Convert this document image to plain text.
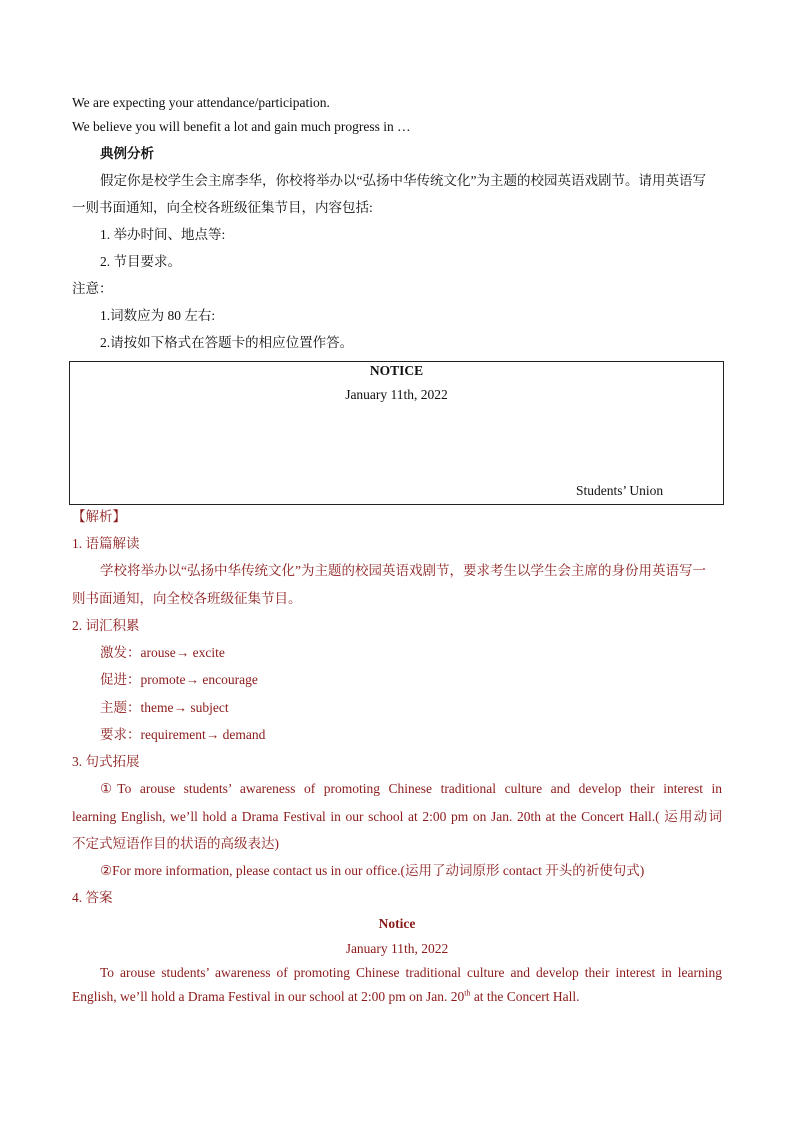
We are expecting your attendance/participation.
We believe you will benefit a lot and gain much progress in …
典例分析
假定你是校学生会主席李华，你校将举办以“弘扬中华传统文化”为主题的校园英语戏剧节。请用英语写
一则书面通知，向全校各班级征集节目，内容包括:
1. 举办时间、地点等:
2. 节目要求。
注意：
1.词数应为 80 左右:
2.请按如下格式在答题卡的相应位置作答。
NOTICE
January 11th, 2022
Students’ Union
【解析】
1. 语篇解读
学校将举办以“弘扬中华传统文化”为主题的校园英语戏剧节，要求考生以学生会主席的身份用英语写一
则书面通知，向全校各班级征集节目。
2. 词汇积累
激发：arouse→ excite
促进：promote→ encourage
主题：theme→ subject
要求：requirement→ demand
3. 句式拓展
①To arouse students’ awareness of promoting Chinese traditional culture and develop their interest in
learning English, we’ll hold a Drama Festival in our school at 2:00 pm on Jan. 20th at the Concert Hall.( 运用动词
不定式短语作目的状语的高级表达)
②For more information, please contact us in our office.(运用了动词原形 contact 开头的祈使句式)
4. 答案
Notice
January 11th, 2022
To arouse students’ awareness of promoting Chinese traditional culture and develop their interest in learning
English, we’ll hold a Drama Festival in our school at 2:00 pm on Jan. 20th at the Concert Hall.
